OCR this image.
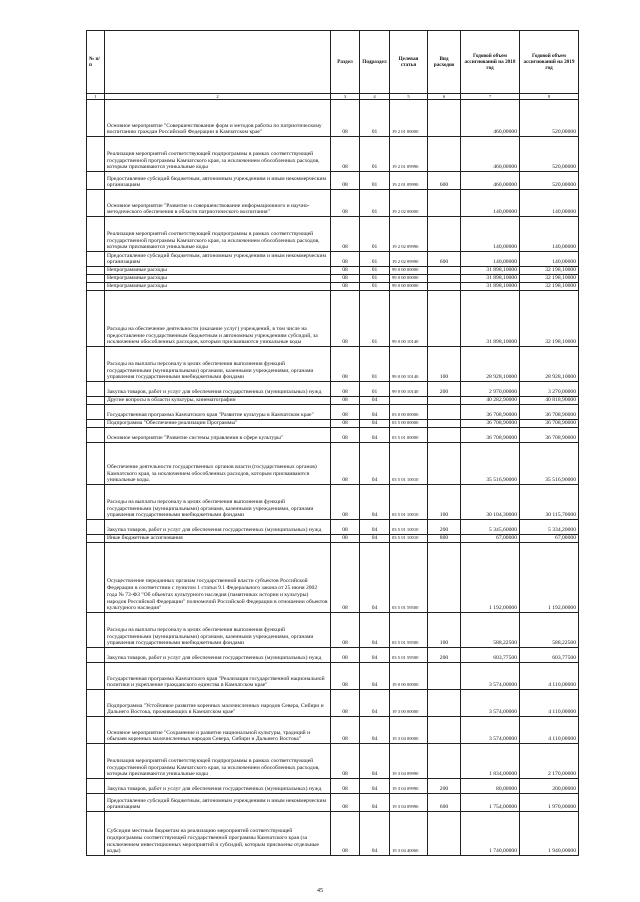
№ п/п		Раздел	Подраздел	Целевая статья	Вид расходов	Годовой объем ассигнований на 2018 год	Годовой объем ассигнований на 2019 год
1	2	3	4	5	6	7	8
	Основное мероприятие "Совершенствование форм и методов работы по патриотическому воспитанию граждан Российской Федерации в Камчатском крае"	08	01	19 2 01 00000		460,00000	520,00000
	Реализация мероприятий соответствующей подпрограммы в рамках соответствующей государственной программы Камчатского края, за исключением обособленных расходов, которым присваиваются уникальные коды	08	01	19 2 01 09990		460,00000	520,00000
	Предоставление субсидий бюджетным, автономным учреждениям и иным некоммерческим организациям	08	01	19 2 01 09990	600	460,00000	520,00000
	Основное мероприятие "Развитие и совершенствование информационного и научно-методического обеспечения в области патриотического воспитания"	08	01	19 2 02 00000		140,00000	140,00000
	Реализация мероприятий соответствующей подпрограммы в рамках соответствующей государственной программы Камчатского края, за исключением обособленных расходов, которым присваиваются уникальные коды	08	01	19 2 02 09990		140,00000	140,00000
	Предоставление субсидий бюджетным, автономным учреждениям и иным некоммерческим организациям	08	01	19 2 02 09990	600	140,00000	140,00000
	Непрограммные расходы	08	01	99 0 00 00000		31 898,10000	32 198,10000
	Непрограммные расходы	08	01	99 0 00 00000		31 898,10000	32 198,10000
	Непрограммные расходы	08	01	99 0 00 00000		31 898,10000	32 198,10000
	Расходы на обеспечение деятельности (оказание услуг) учреждений, в том числе на предоставление государственным бюджетным и автономным учреждениям субсидий, за исключением обособленных расходов, которым присваиваются уникальные коды	08	01	99 0 00 10140		31 898,10000	32 198,10000
	Расходы на выплаты персоналу в целях обеспечения выполнения функций государственными (муниципальными) органами, казенными учреждениями, органами управления государственными внебюджетными фондами	08	01	99 0 00 10140	100	28 928,10000	28 928,10000
	Закупка товаров, работ и услуг для обеспечения государственных (муниципальных) нужд	08	01	99 0 00 10140	200	2 970,00000	3 270,00000
	Другие вопросы в области культуры, кинематографии	08	04			40 282,90000	40 818,90000
	Государственная программа Камчатского края "Развитие культуры в Камчатском крае"	08	04	03 0 00 00000		36 708,90000	36 708,90000
	Подпрограмма "Обеспечение реализации Программы"	08	04	03 5 00 00000		36 708,90000	36 708,90000
	Основное мероприятие "Развитие системы управления в сфере культуры"	08	04	03 5 01 00000		36 708,90000	36 708,90000
	Обеспечение деятельности государственных органов власти (государственных органов) Камчатского края, за исключением обособленных расходов, которым присваиваются уникальные коды.	08	04	03 5 01 10010		35 516,90000	35 516,90000
	Расходы на выплаты персоналу в целях обеспечения выполнения функций государственными (муниципальными) органами, казенными учреждениями, органами управления государственными внебюджетными фондами	08	04	03 5 01 10010	100	30 104,30000	30 115,70000
	Закупка товаров, работ и услуг для обеспечения государственных (муниципальных) нужд	08	04	03 5 01 10010	200	5 345,60000	5 334,20000
	Иные бюджетные ассигнования	08	04	03 5 01 10010	800	67,00000	67,00000
	Осуществление переданных органам государственной власти субъектов Российской Федерации в соответствии с пунктом 1 статьи 9.1 Федерального закона от 25 июня 2002 года № 73-ФЗ "Об объектах культурного наследия (памятниках истории и культуры) народов Российской Федерации" полномочий Российской Федерации в отношении объектов культурного наследия"	08	04	03 5 01 59500		1 192,00000	1 192,00000
	Расходы на выплаты персоналу в целях обеспечения выполнения функций государственными (муниципальными) органами, казенными учреждениями, органами управления государственными внебюджетными фондами	08	04	03 5 01 59500	100	588,22500	588,22500
	Закупка товаров, работ и услуг для обеспечения государственных (муниципальных) нужд	08	04	03 5 01 59500	200	603,77500	603,77500
	Государственная программа Камчатского края "Реализация государственной национальной политики и укрепление гражданского единства в Камчатском крае"	08	04	19 0 00 00000		3 574,00000	4 110,00000
	Подпрограмма "Устойчивое развитие коренных малочисленных народов Севера, Сибири и Дальнего Востока, проживающих в Камчатском крае"	08	04	19 3 00 00000		3 574,00000	4 110,00000
	Основное мероприятие "Сохранение и развитие национальной культуры, традиций и обычаев коренных малочисленных народов Севера, Сибири и Дальнего Востока"	08	04	19 3 04 00000		3 574,00000	4 110,00000
	Реализация мероприятий соответствующей подпрограммы в рамках соответствующей государственной программы Камчатского края, за исключением обособленных расходов, которым присваиваются уникальные коды	08	04	19 3 04 09990		1 834,00000	2 170,00000
	Закупка товаров, работ и услуг для обеспечения государственных (муниципальных) нужд	08	04	19 3 04 09990	200	80,00000	200,00000
	Предоставление субсидий бюджетным, автономным учреждениям и иным некоммерческим организациям	08	04	19 3 04 09990	600	1 754,00000	1 970,00000
	Субсидии местным бюджетам на реализацию мероприятий соответствующей подпрограммы соответствующей государственной программы Камчатского края (за исключением инвестиционных мероприятий и субсидий, которым присвоены отдельные коды)	08	04	19 3 04 40060		1 740,00000	1 940,00000
45
